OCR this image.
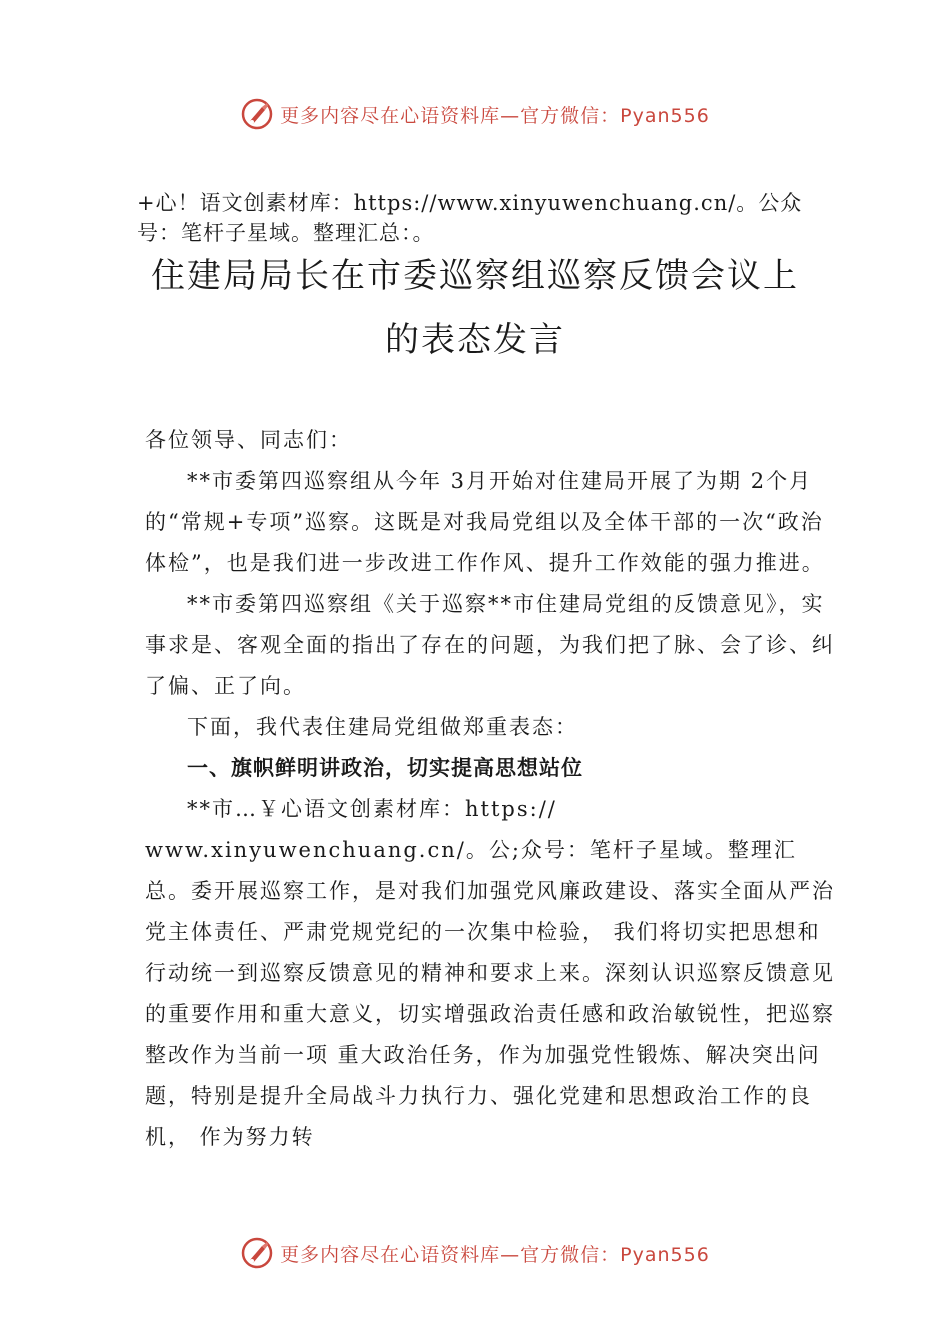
更多内容尽在心语资料库—官方微信：Pyan556
+心！语文创素材库：https://www.xinyuwenchuang.cn/。公众号：笔杆子星域。整理汇总：。
住建局局长在市委巡察组巡察反馈会议上
的表态发言

各位领导、同志们：

**市委第四巡察组从今年 3月开始对住建局开展了为期 2个月的“常规+专项”巡察。这既是对我局党组以及全体干部的一次“政治体检”，也是我们进一步改进工作作风、提升工作效能的强力推进。

**市委第四巡察组《关于巡察**市住建局党组的反馈意见》，实事求是、客观全面的指出了存在的问题，为我们把了脉、会了诊、纠了偏、正了向。

下面，我代表住建局党组做郑重表态：

一、旗帜鲜明讲政治，切实提高思想站位

**市…￥心语文创素材库：https:// www.xinyuwenchuang.cn/。公;众号：笔杆子星域。整理汇总。委开展巡察工作，是对我们加强党风廉政建设、落实全面从严治党主体责任、严肃党规党纪的一次集中检验， 我们将切实把思想和行动统一到巡察反馈意见的精神和要求上来。深刻认识巡察反馈意见的重要作用和重大意义，切实增强政治责任感和政治敏锐性，把巡察整改作为当前一项 重大政治任务，作为加强党性锻炼、解决突出问题，特别是提升全局战斗力执行力、强化党建和思想政治工作的良机， 作为努力转

更多内容尽在心语资料库—官方微信：Pyan556
